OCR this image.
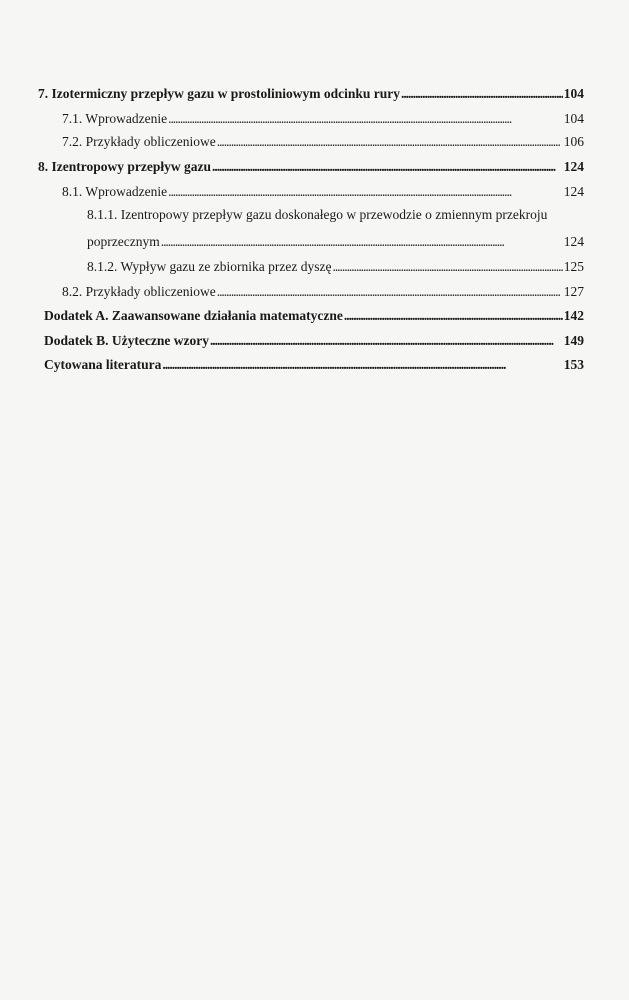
7. Izotermiczny przepływ gazu w prostoliniowym odcinku rury . . .	104
7.1. Wprowadzenie . . .	104
7.2. Przykłady obliczeniowe . . .	106
8. Izentropowy przepływ gazu . . .	124
8.1. Wprowadzenie . . .	124
8.1.1. Izentropowy przepływ gazu doskonałego w przewodzie o zmiennym przekroju
poprzecznym . . .	124
8.1.2. Wypływ gazu ze zbiornika przez dyszę . . .	125
8.2. Przykłady obliczeniowe . . .	127
Dodatek A. Zaawansowane działania matematyczne . . .	142
Dodatek B. Użyteczne wzory . . .	149
Cytowana literatura . . .	153
